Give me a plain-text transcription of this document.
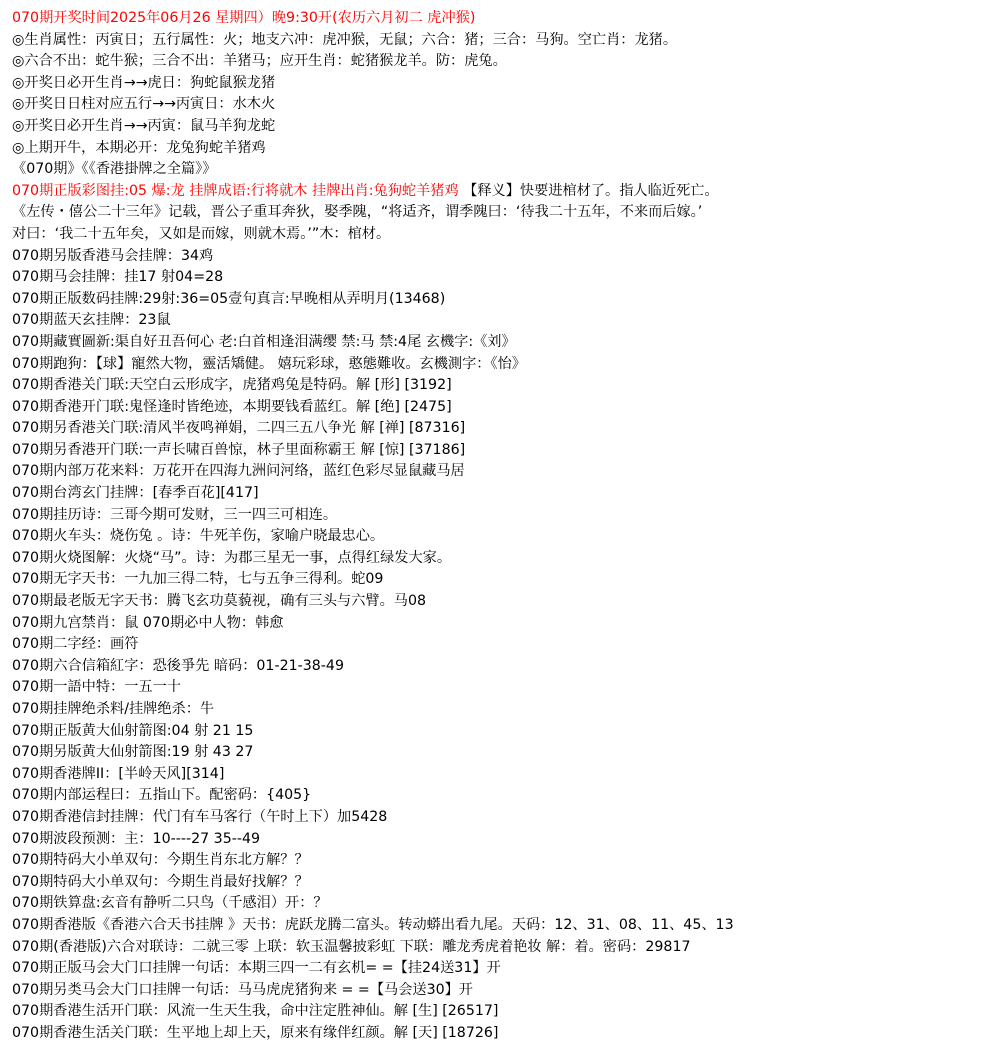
070期开奖时间2025年06月26 星期四）晚9:30开(农历六月初二 虎冲猴)
◎生肖属性：丙寅日；五行属性：火；地支六冲：虎冲猴，无鼠；六合：猪；三合：马狗。空亡肖：龙猪。
◎六合不出：蛇牛猴；三合不出：羊猪马；应开生肖：蛇猪猴龙羊。防：虎兔。
◎开奖日必开生肖→→虎日：狗蛇鼠猴龙猪
◎开奖日日柱对应五行→→丙寅日：水木火
◎开奖日必开生肖→→丙寅：鼠马羊狗龙蛇
◎上期开牛，本期必开：龙兔狗蛇羊猪鸡
《070期》《《香港掛牌之全篇》》
070期正版彩图挂:05 爆:龙 挂牌成语:行将就木 挂牌出肖:兔狗蛇羊猪鸡 【释义】快要进棺材了。指人临近死亡。
《左传・僖公二十三年》记载，晋公子重耳奔狄，娶季隗，“将适齐，谓季隗曰：‘待我二十五年，不来而后嫁。’
对曰：‘我二十五年矣，又如是而嫁，则就木焉。’”木：棺材。
070期另版香港马会挂牌：34鸡
070期马会挂牌：挂17 射04=28
070期正版数码挂牌:29射:36=05壹句真言:早晚相从弄明月(13468)
070期蓝天玄挂牌：23鼠
070期藏實圖新:渠自好丑吾何心 老:白首相逢泪满缨 禁:马 禁:4尾 玄機字:《刘》
070期跑狗：【球】寵然大物，靈活矯健。 嬉玩彩球，憨態難收。玄機測字：《怡》
070期香港关门联:天空白云形成字，虎猪鸡兔是特码。解 [形] [3192]
070期香港开门联:鬼怪逢时皆绝迹，本期要钱看蓝红。解 [绝] [2475]
070期另香港关门联:清风半夜鸣禅娟，二四三五八争光 解 [禅] [87316]
070期另香港开门联:一声长啸百兽惊，林子里面称霸王 解 [惊] [37186]
070期内部万花来料：万花开在四海九洲问河络，蓝红色彩尽显鼠藏马居
070期台湾玄门挂牌：[春季百花][417]
070期挂历诗：三哥今期可发财，三一四三可相连。
070期火车头：烧伤兔 。诗：牛死羊伤，家喻户晓最忠心。
070期火烧图解：火烧“马”。诗：为郡三星无一事，点得红绿发大家。
070期无字天书：一九加三得二特，七与五争三得利。蛇09
070期最老版无字天书：腾飞玄功莫藐视，确有三头与六臂。马08
070期九宫禁肖：鼠 070期必中人物：韩愈
070期二字经：画符
070期六合信箱紅字：恐後爭先 暗码：01-21-38-49
070期一語中特：一五一十
070期挂牌绝杀料/挂牌绝杀：牛
070期正版黄大仙射箭图:04 射 21 15
070期另版黄大仙射箭图:19 射 43 27
070期香港牌II：[半岭天风][314]
070期内部运程曰：五指山下。配密码：{405}
070期香港信封挂牌：代门有车马客行（午时上下）加5428
070期波段预测：主：10----27 35--49
070期特码大小单双句：今期生肖东北方解？？
070期特码大小单双句：今期生肖最好找解？？
070期铁算盘:玄音有静听二只鸟（千感泪）开：？
070期香港版《香港六合天书挂牌 》天书：虎跃龙腾二富头。转动蟒出看九尾。天码：12、31、08、11、45、13
070期(香港版)六合对联诗：二就三零 上联：软玉温馨披彩虹 下联：雕龙秀虎着艳妆 解：着。密码：29817
070期正版马会大门口挂牌一句话：本期三四一二有玄机= =【挂24送31】开
070期另类马会大门口挂牌一句话：马马虎虎猪狗来 = =【马会送30】开
070期香港生活开门联：风流一生天生我，命中注定胜神仙。解 [生] [26517]
070期香港生活关门联：生平地上却上天，原来有缘伴红颜。解 [天] [18726]
